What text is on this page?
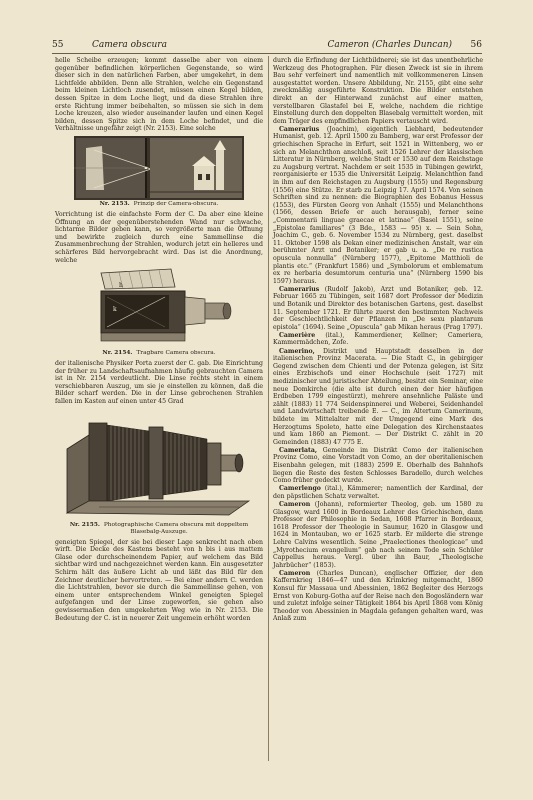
55	Camera obscura	Cameron (Charles Duncan) 56

helle Scheibe erzeugen; kommt dasselbe aber von einem gegenüber befindlichen körperlichen Gegenstande, so wird dieser sich in den natürlichen Farben, aber umgekehrt, in dem Lichtfelde abbilden. Denn alle Strahlen, welche ein Gegenstand beim kleinen Lichtloch zusendet, müssen einen Kegel bilden, dessen Spitze in dem Loche liegt, und da diese Strahlen ihre erste Richtung immer beibehalten, so müssen sie sich in dem Loche kreuzen, also wieder auseinander laufen und einen Kegel bilden, dessen Spitze sich in dem Loche befindet, und die Verhältnisse ungefähr zeigt (Nr. 2153). Eine solche

Nr. 2153. Prinzip der Camera-obscura.

Vorrichtung ist die einfachste Form der C. Da aber eine kleine Öffnung an der gegenüberstehenden Wand nur schwache, lichtarme Bilder geben kann, so vergrößerte man die Öffnung und bewirkte zugleich durch eine Sammellinse die Zusammenbrechung der Strahlen, wodurch jetzt ein helleres und schärferes Bild hervorgebracht wird. Das ist die Anordnung, welche

h
k
Nr. 2154. Tragbare Camera obscura.

der italienische Physiker Porta zuerst der C. gab. Die Einrichtung der früher zu Landschaftsaufnahmen häufig gebrauchten Camera ist in Nr. 2154 verdeutlicht. Die Linse rechts steht in einem verschiebbaren Auszug, um sie je einstellen zu können, daß die Bilder scharf werden. Die in der Linse gebrochenen Strahlen fallen im Kasten auf einen unter 45 Grad

Nr. 2155. Photographische Camera obscura mit doppeltem Blasebalg-Auszuge.

geneigten Spiegel, der sie bei dieser Lage senkrecht nach oben wirft. Die Decke des Kastens besteht von h bis i aus mattem Glase oder durchscheinendem Papier, auf welchem das Bild sichtbar wird und nachgezeichnet werden kann. Ein ausgesetzter Schirm hält das äußere Licht ab und läßt das Bild für den Zeichner deutlicher hervortreten. — Bei einer andern C. werden die Lichtstrahlen, bevor sie durch die Sammellinse gehen, von einem unter entsprechendem Winkel geneigten Spiegel aufgefangen und der Linse zugeworfen, sie gehen also gewissermaßen den umgekehrten Weg wie in Nr. 2153. Die Bedeutung der C. ist in neuerer Zeit ungemein erhöht worden

durch die Erfindung der Lichtbildnerei; sie ist das unentbehrliche Werkzeug des Photographen. Für diesen Zweck ist sie in ihrem Bau sehr verfeinert und namentlich mit vollkommeneren Linsen ausgestattet worden. Unsere Abbildung, Nr. 2155, gibt eine sehr zweckmäßig ausgeführte Konstruktion. Die Bilder entstehen direkt an der Hinterwand zunächst auf einer matten, verstellbaren Glastafel bei E, welche, nachdem die richtige Einstellung durch den doppelten Blasebalg vermittelt worden, mit dem Träger des empfindlichen Papiers vertauscht wird.

Camerarius (Joachim), eigentlich Liebhard, bedeutender Humanist, geb. 12. April 1500 zu Bamberg, war erst Professor der griechischen Sprache in Erfurt, seit 1521 in Wittenberg, wo er sich an Melanchthon anschloß, seit 1526 Lehrer der klassischen Litteratur in Nürnberg, welche Stadt er 1530 auf dem Reichstage zu Augsburg vertrat. Nachdem er seit 1535 in Tübingen gewirkt, reorganisierte er 1535 die Universität Leipzig. Melanchthon fand in ihm auf den Reichstagen zu Augsburg (1555) und Regensburg (1556) eine Stütze. Er starb zu Leipzig 17. April 1574. Von seinen Schriften sind zu nennen: die Biographien des Eobanus Hessus (1553), des Fürsten Georg von Anhalt (1555) und Melanchthons (1566, dessen Briefe er auch herausgab), ferner seine „Commentarii linguae graecae et latinae“ (Basel 1551), seine „Epistolae familiares“ (3 Bde., 1583 — 95) x. — Sein Sohn, Joachim C., geb. 6. November 1534 zu Nürnberg, gest. daselbst 11. Oktober 1598 als Dekan einer medizinischen Anstalt, war ein berühmter Arzt und Botaniker; er gab u. a. „De re rustica opuscula nonnulla“ (Nürnberg 1577), „Epitome Matthioli de plantis etc.“ (Frankfurt 1586) und „Symbolorum et emblematum ex re herbaria desumtorum centuria una“ (Nürnberg 1590 bis 1597) heraus.

Camerarius (Rudolf Jakob), Arzt und Botaniker, geb. 12. Februar 1665 zu Tübingen, seit 1687 dort Professor der Medizin und Botanik und Direktor des botanischen Gartens, gest. daselbst 11. September 1721. Er führte zuerst den bestimmten Nachweis der Geschlechtlichkeit der Pflanzen in „De sexu plantarum epistola“ (1694). Seine „Opuscula“ gab Mikan heraus (Prag 1797).

Camerière (ital.), Kammerdiener, Kellner; Cameriera, Kammermädchen, Zofe.

Camerino, Distrikt und Hauptstadt desselben in der italienischen Provinz Macerata. — Die Stadt C., in gebirgiger Gegend zwischen dem Chienti und der Potenza gelegen, ist Sitz eines Erzbischofs und einer Hochschule (seit 1727) mit medizinischer und juristischer Abteilung, besitzt ein Seminar, eine neue Domkirche (die alte ist durch einen der hier häufigen Erdbeben 1799 eingestürzt), mehrere ansehnliche Paläste und zählt (1883) 11 774 Seidenspinnerei und Weberei, Seidenhandel und Landwirtschaft treibende E. — C., im Altertum Camerinum, bildete im Mittelalter mit der Umgegend eine Mark des Herzogtums Spoleto, hatte eine Delegation des Kirchenstaates und kam 1860 an Piemont. — Der Distrikt C. zählt in 20 Gemeinden (1883) 47 775 E.

Camerlata, Gemeinde im Distrikt Como der italienischen Provinz Como, eine Vorstadt von Como, an der oberitalienischen Eisenbahn gelegen, mit (1883) 2599 E. Oberhalb des Bahnhofs liegen die Reste des festen Schlosses Baradello, durch welches Como früher gedeckt wurde.

Camerlengo (ital.), Kämmerer; namentlich der Kardinal, der den päpstlichen Schatz verwaltet.

Cameron (Johann), reformierter Theolog, geb. um 1580 zu Glasgow, ward 1600 in Bordeaux Lehrer des Griechischen, dann Professor der Philosophie in Sedan, 1608 Pfarrer in Bordeaux, 1618 Professor der Theologie in Saumur, 1620 in Glasgow und 1624 in Montauban, wo er 1625 starb. Er milderte die strenge Lehre Calvins wesentlich. Seine „Praelectiones theologicae“ und „Myrothecium evangelium“ gab nach seinem Tode sein Schüler Cappellus heraus. Vergl. über ihn Baur, „Theologische Jahrbücher“ (1853).

Cameron (Charles Duncan), englischer Offizier, der den Kaffernkrieg 1846—47 und den Krimkrieg mitgemacht, 1860 Konsul für Massaua und Abessinien, 1862 Begleiter des Herzogs Ernst von Koburg-Gotha auf der Reise nach den Bogosländern war und zuletzt infolge seiner Tätigkeit 1864 bis April 1868 vom König Theodor von Abessinien in Magdala gefangen gehalten ward, was Anlaß zum
